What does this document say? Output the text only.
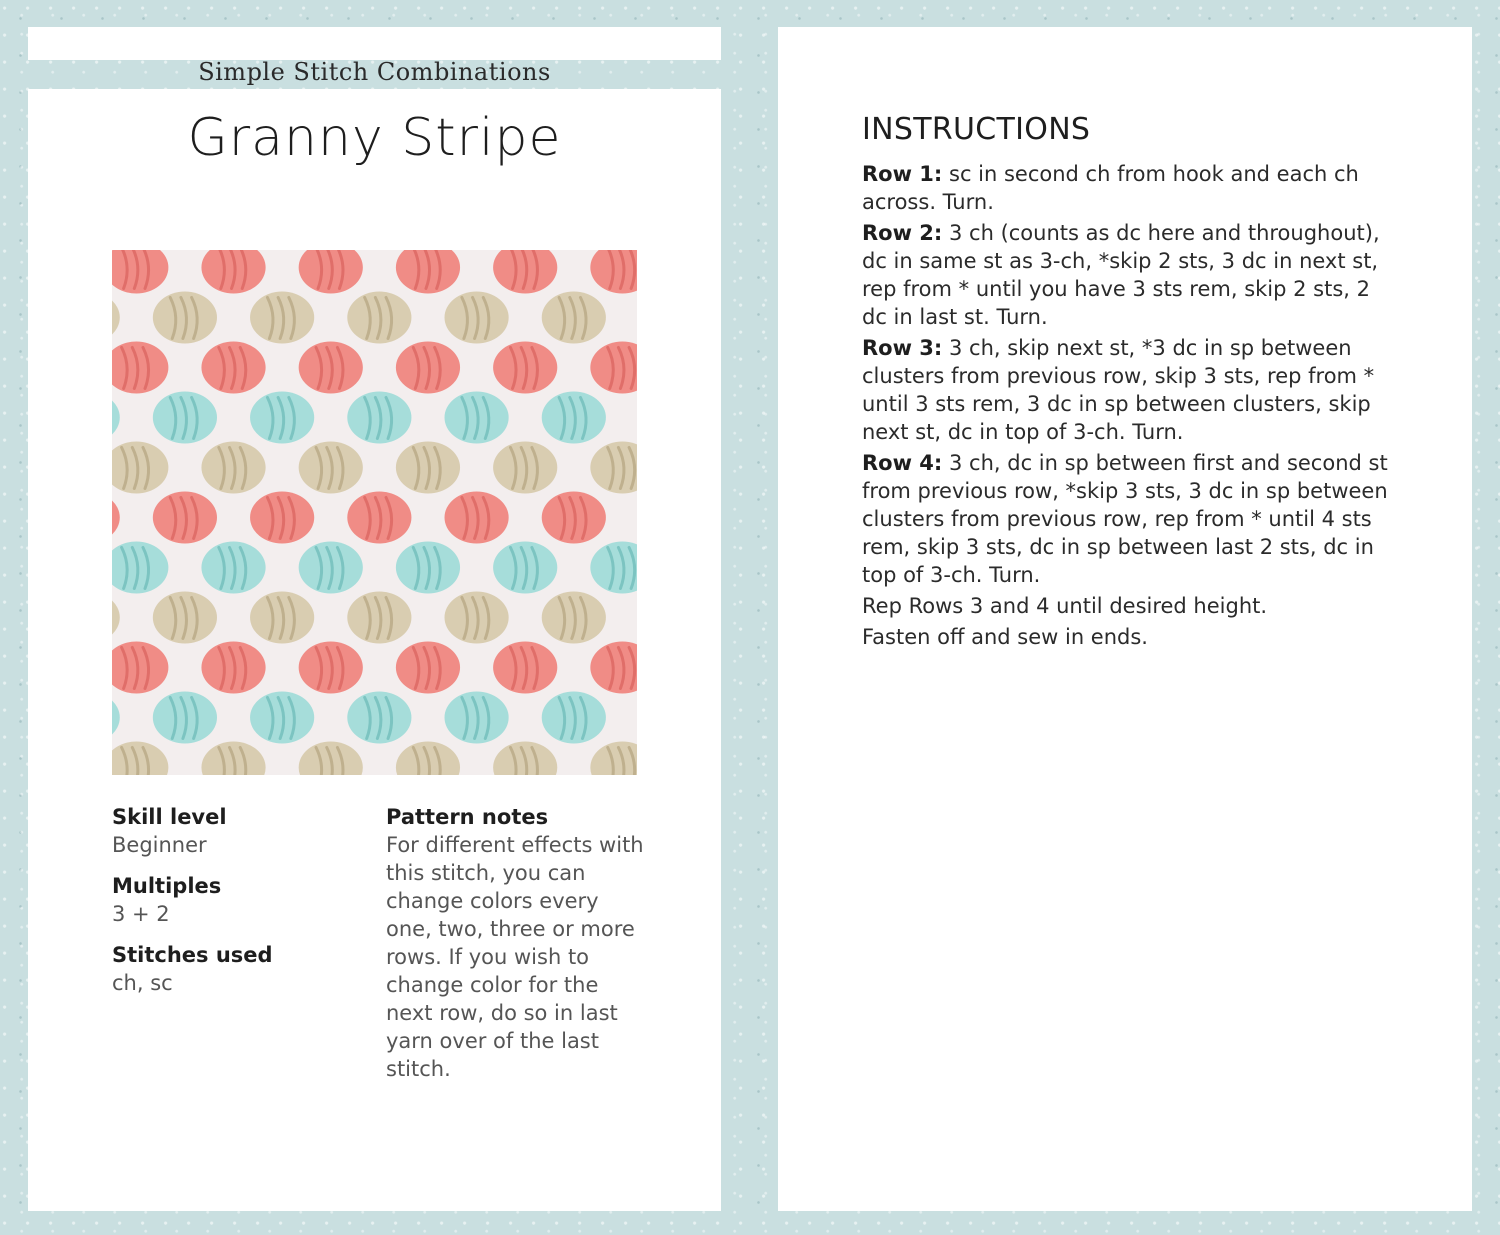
Simple Stitch Combinations
Granny Stripe
Skill level
Beginner
Multiples
3 + 2
Stitches used
ch, sc
Pattern notes
For different effects with this stitch, you can change colors every one, two, three or more rows. If you wish to change color for the next row, do so in last yarn over of the last stitch.
INSTRUCTIONS

Row 1: sc in second ch from hook and each ch across. Turn.

Row 2: 3 ch (counts as dc here and throughout), dc in same st as 3-ch, *skip 2 sts, 3 dc in next st, rep from * until you have 3 sts rem, skip 2 sts, 2 dc in last st. Turn.

Row 3: 3 ch, skip next st, *3 dc in sp between clusters from previous row, skip 3 sts, rep from * until 3 sts rem, 3 dc in sp between clusters, skip next st, dc in top of 3-ch. Turn.

Row 4: 3 ch, dc in sp between first and second st from previous row, *skip 3 sts, 3 dc in sp between clusters from previous row, rep from * until 4 sts rem, skip 3 sts, dc in sp between last 2 sts, dc in top of 3-ch. Turn.

Rep Rows 3 and 4 until desired height.

Fasten off and sew in ends.
